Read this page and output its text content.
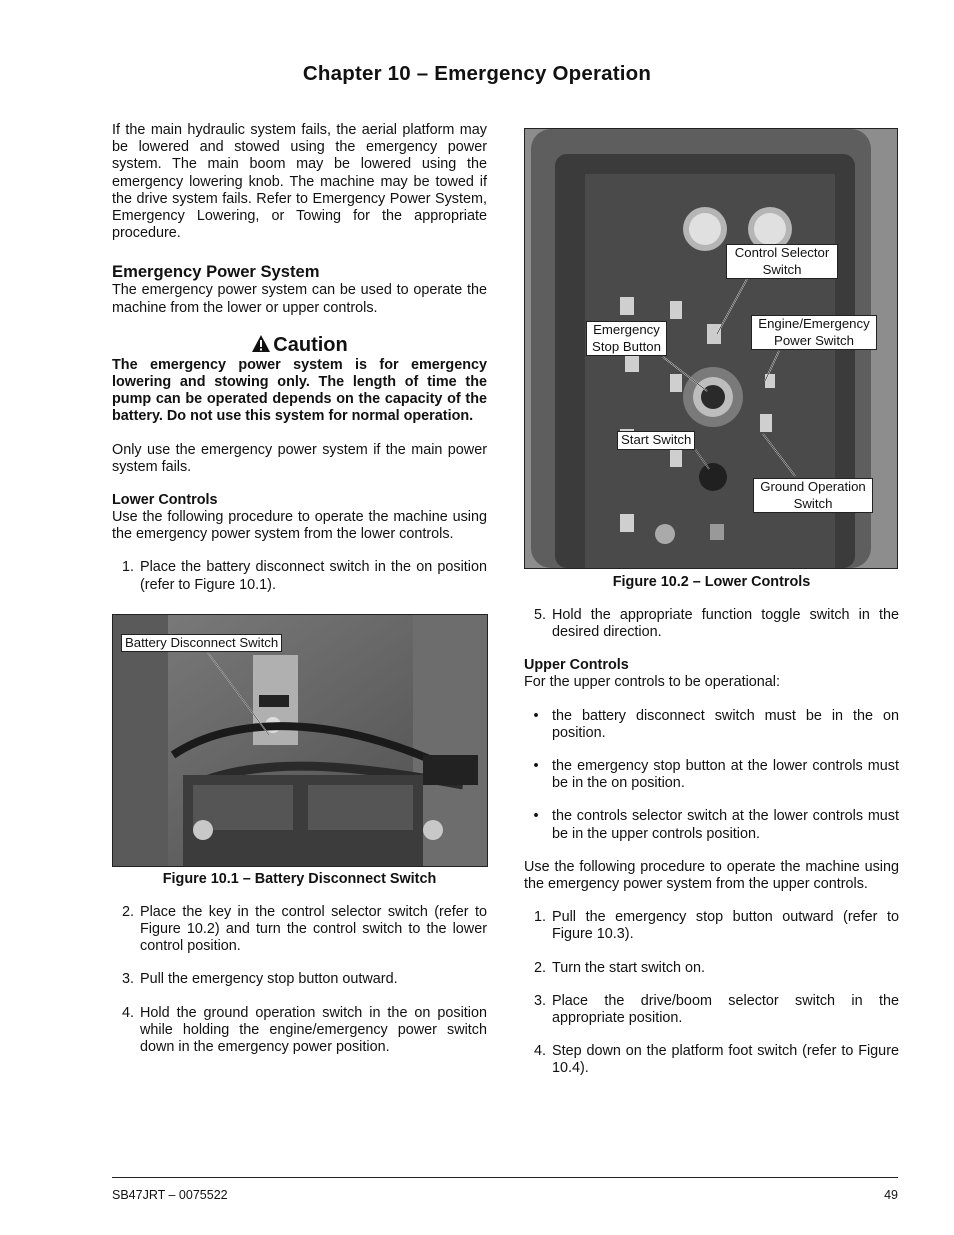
Chapter 10 – Emergency Operation

If the main hydraulic system fails, the aerial platform may be lowered and stowed using the emergency power system. The main boom may be lowered using the emergency lowering knob. The machine may be towed if the drive system fails. Refer to Emergency Power System, Emergency Lowering, or Towing for the appropriate procedure.

Emergency Power System

The emergency power system can be used to operate the machine from the lower or upper controls.

Caution

The emergency power system is for emergency lowering and stowing only. The length of time the pump can be operated depends on the capacity of the battery. Do not use this system for normal operation.

Only use the emergency power system if the main power system fails.

Lower Controls

Use the following procedure to operate the machine using the emergency power system from the lower controls.

1. Place the battery disconnect switch in the on position (refer to Figure 10.1).
Battery Disconnect Switch
Figure 10.1 – Battery Disconnect Switch
2. Place the key in the control selector switch (refer to Figure 10.2) and turn the control switch to the lower control position.
3. Pull the emergency stop button outward.
4. Hold the ground operation switch in the on position while holding the engine/emergency power switch down in the emergency power position.
Control Selector Switch
Engine/Emergency Power Switch
Emergency Stop Button
Start Switch
Ground Operation Switch
Figure 10.2 – Lower Controls
5. Hold the appropriate function toggle switch in the desired direction.
Upper Controls

For the upper controls to be operational:

• the battery disconnect switch must be in the on position.
• the emergency stop button at the lower controls must be in the on position.
• the controls selector switch at the lower controls must be in the upper controls position.

Use the following procedure to operate the machine using the emergency power system from the upper controls.

1. Pull the emergency stop button outward (refer to Figure 10.3).
2. Turn the start switch on.
3. Place the drive/boom selector switch in the appropriate position.
4. Step down on the platform foot switch (refer to Figure 10.4).
SB47JRT – 0075522	49
